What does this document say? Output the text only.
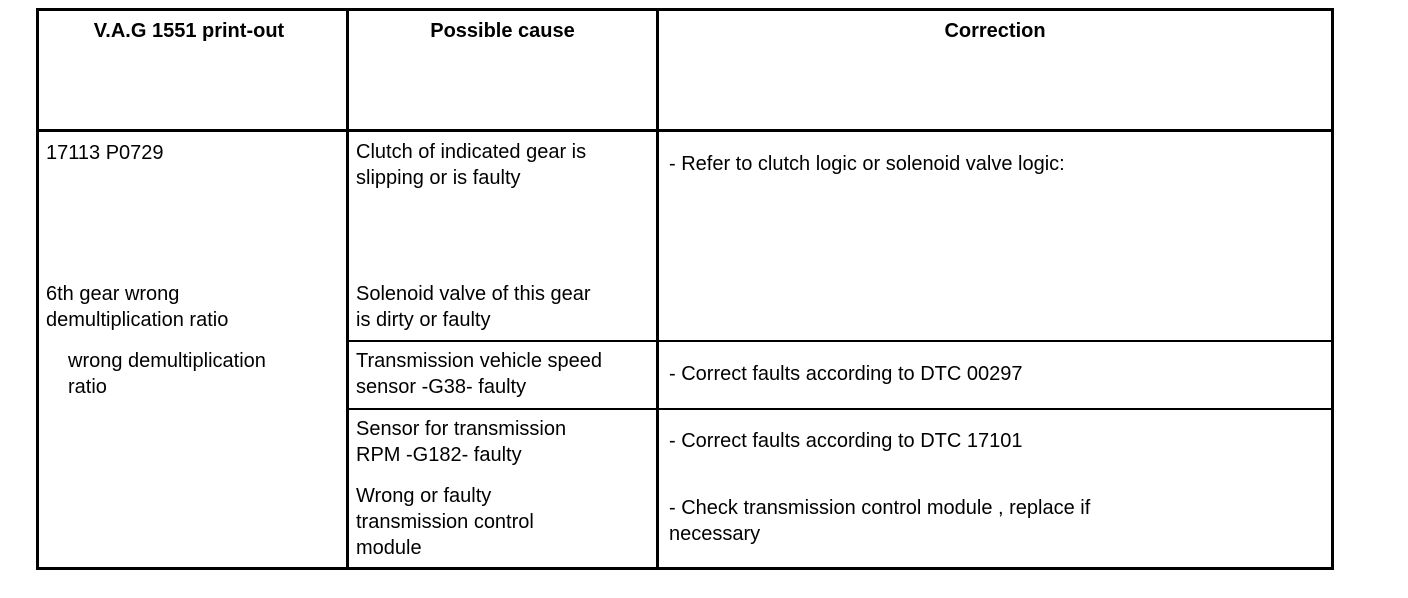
V.A.G 1551 print-out	Possible cause	Correction
17113 P0729
6th gear wrong
demultiplication ratio
wrong demultiplication
ratio
Clutch of indicated gear is
slipping or is faulty
Solenoid valve of this gear
is dirty or faulty
Transmission vehicle speed
sensor -G38- faulty
Sensor for transmission
RPM -G182- faulty
Wrong or faulty
transmission control
module
- Refer to clutch logic or solenoid valve logic:
- Correct faults according to DTC 00297
- Correct faults according to DTC 17101
- Check transmission control module , replace if
necessary
